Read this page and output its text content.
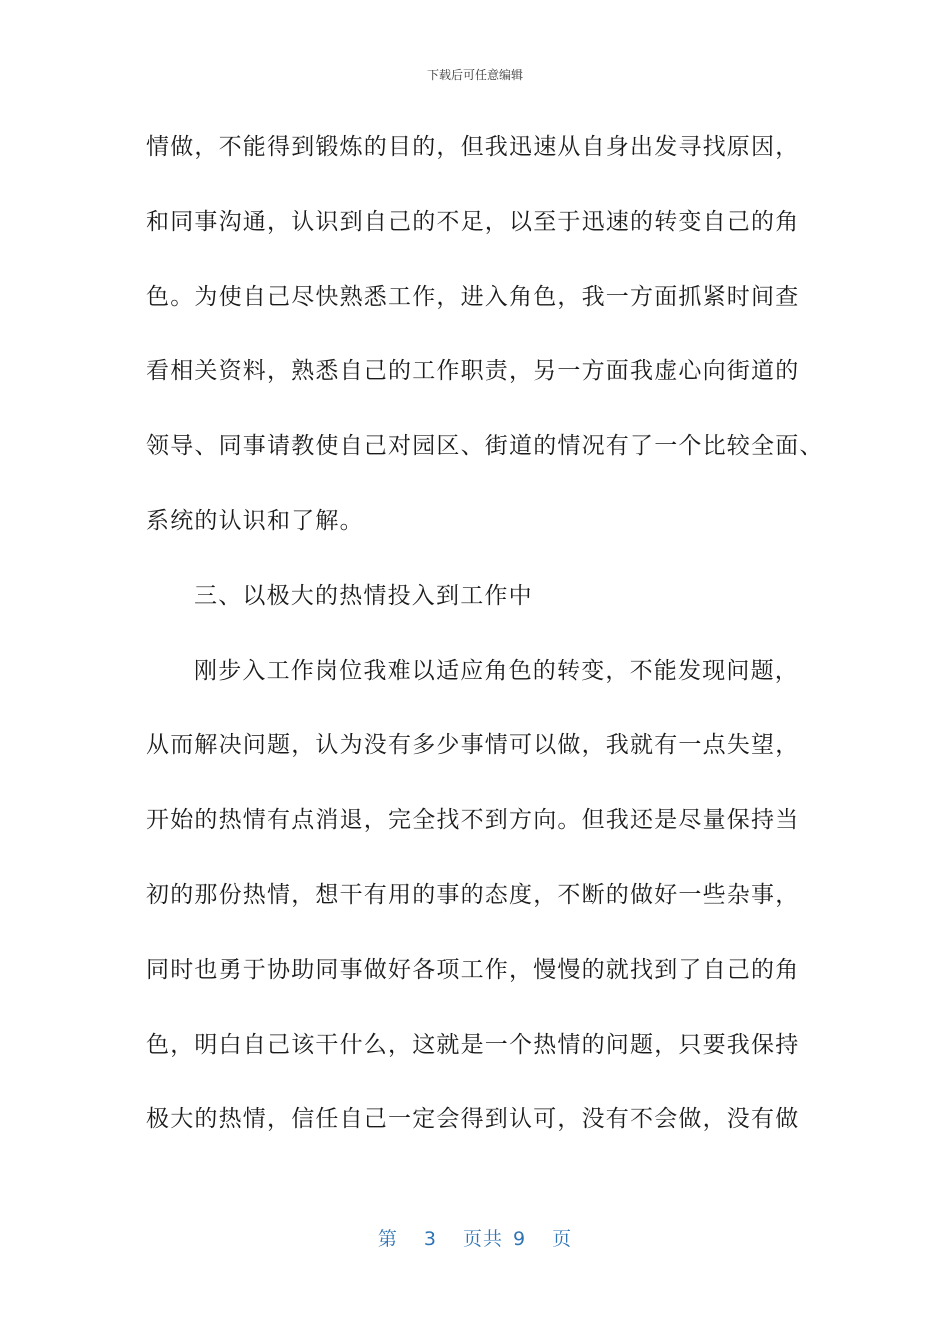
下载后可任意编辑
情做，不能得到锻炼的目的，但我迅速从自身出发寻找原因，
和同事沟通，认识到自己的不足，以至于迅速的转变自己的角
色。为使自己尽快熟悉工作，进入角色，我一方面抓紧时间查
看相关资料，熟悉自己的工作职责，另一方面我虚心向街道的
领导、同事请教使自己对园区、街道的情况有了一个比较全面、
系统的认识和了解。
三、以极大的热情投入到工作中
刚步入工作岗位我难以适应角色的转变，不能发现问题，
从而解决问题，认为没有多少事情可以做，我就有一点失望，
开始的热情有点消退，完全找不到方向。但我还是尽量保持当
初的那份热情，想干有用的事的态度，不断的做好一些杂事，
同时也勇于协助同事做好各项工作，慢慢的就找到了自己的角
色，明白自己该干什么，这就是一个热情的问题，只要我保持
极大的热情，信任自己一定会得到认可，没有不会做，没有做
第 3 页共 9 页
